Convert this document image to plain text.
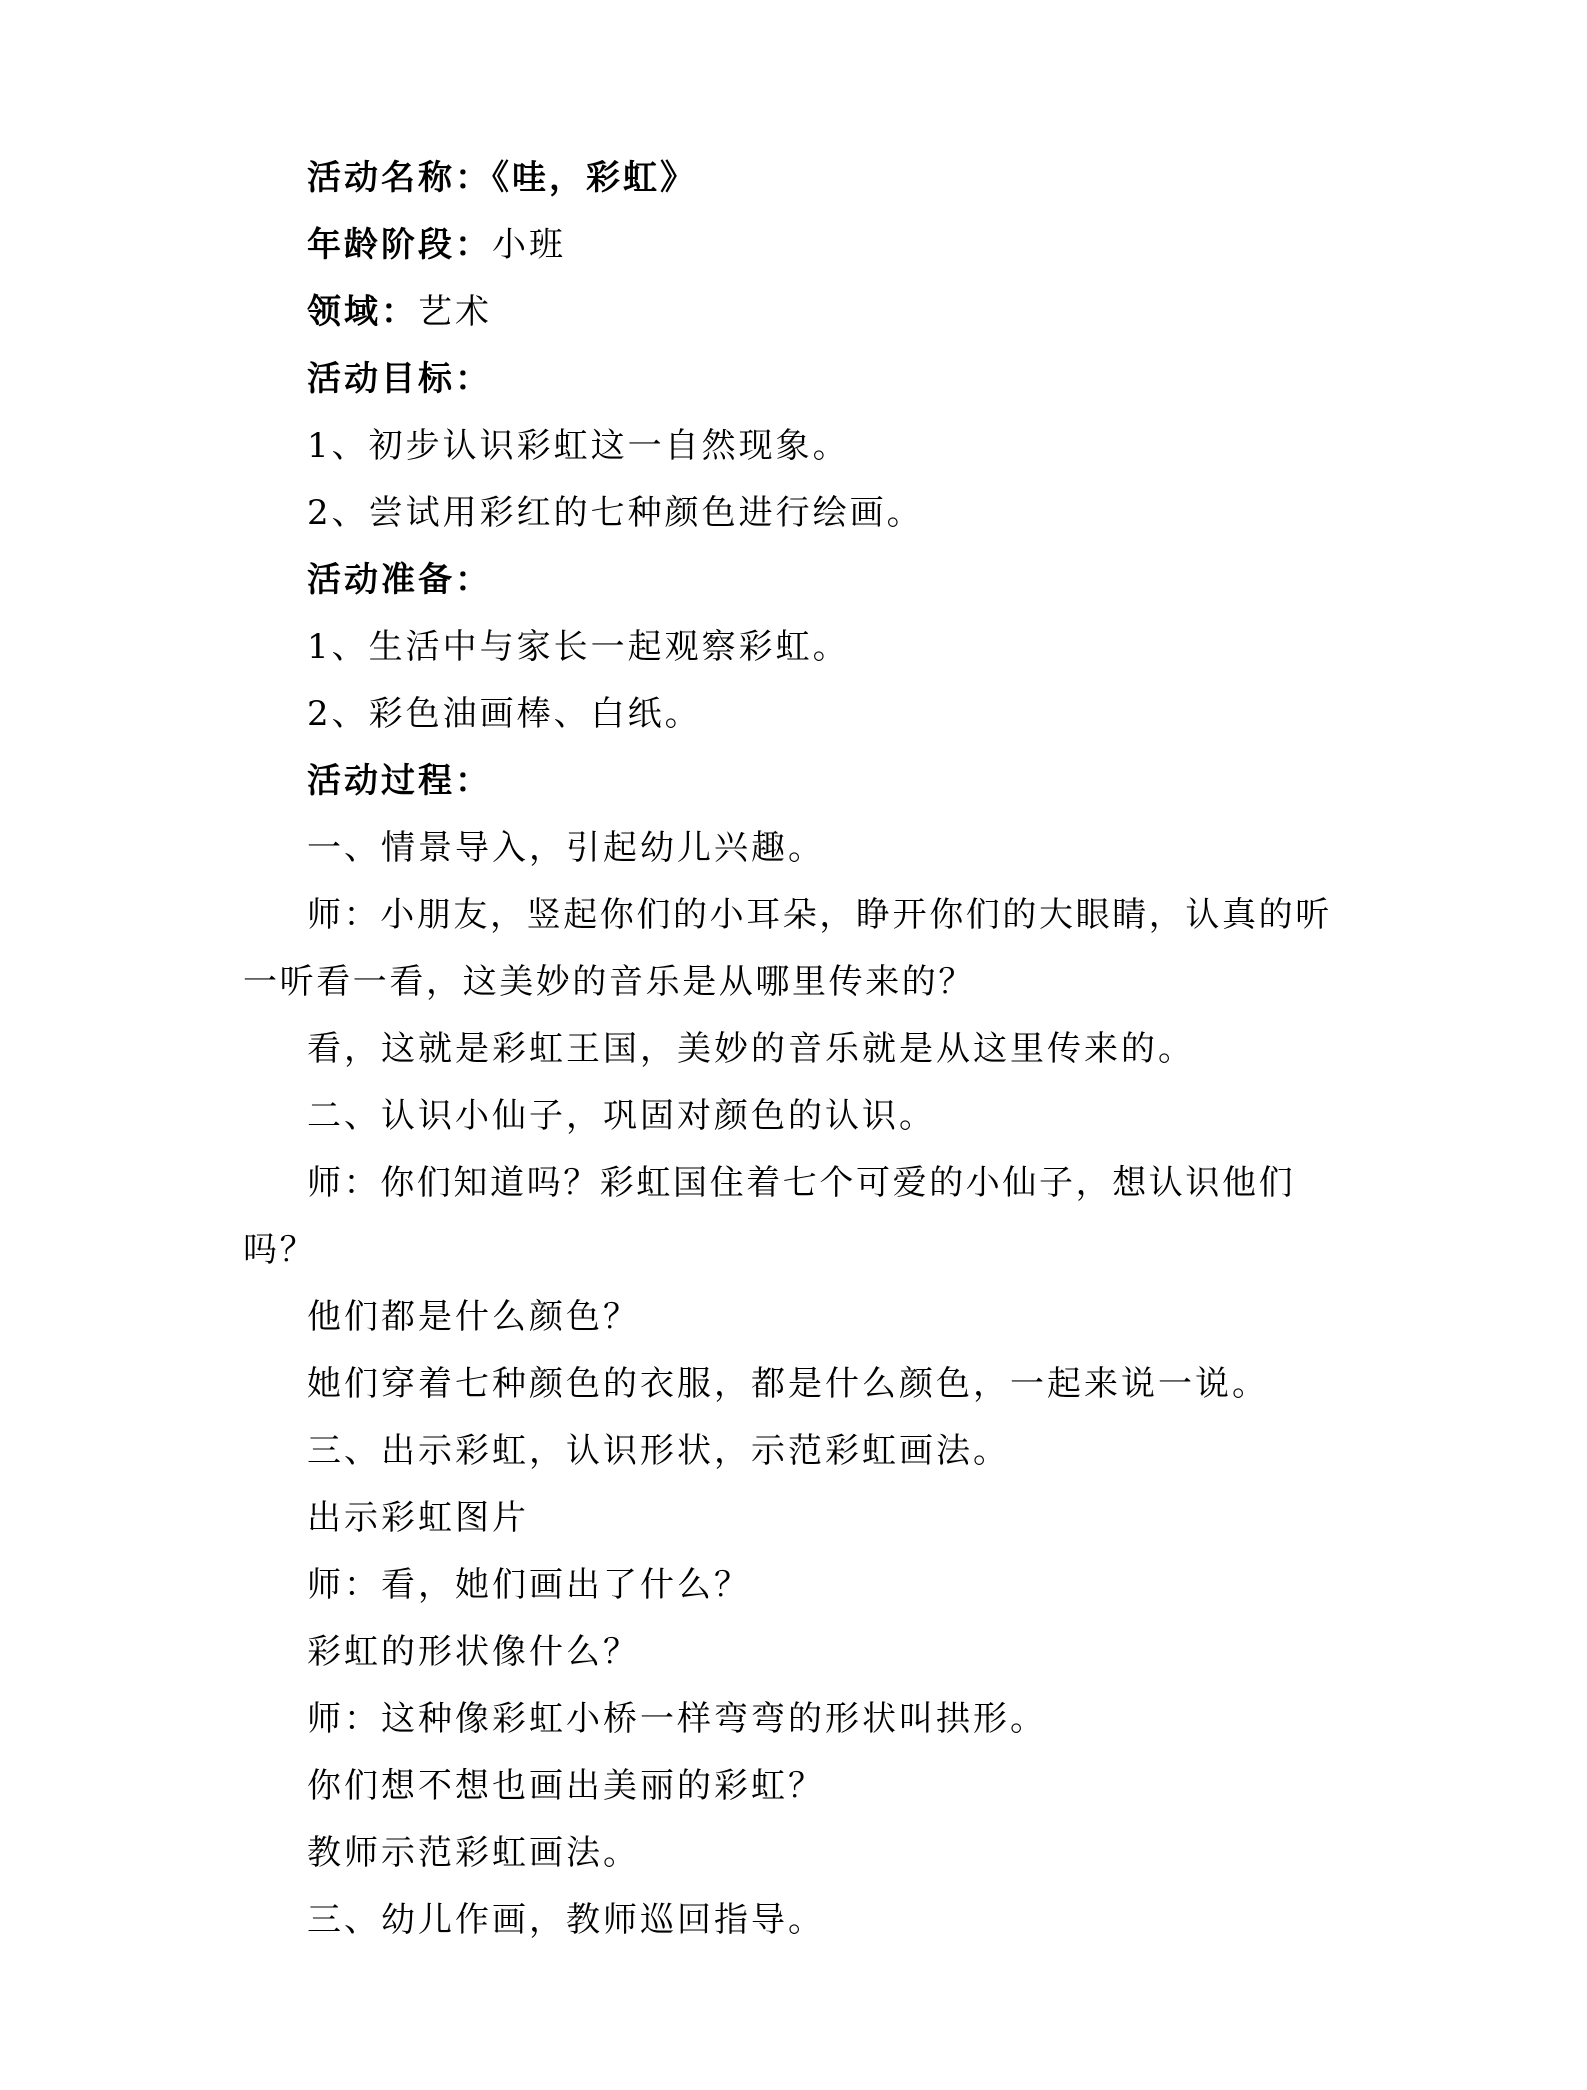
活动名称：《哇，彩虹》

年龄阶段：小班

领域：艺术

活动目标：

1、初步认识彩虹这一自然现象。

2、尝试用彩红的七种颜色进行绘画。

活动准备：

1、生活中与家长一起观察彩虹。

2、彩色油画棒、白纸。

活动过程：

一、情景导入，引起幼儿兴趣。

师：小朋友，竖起你们的小耳朵，睁开你们的大眼睛，认真的听一听看一看，这美妙的音乐是从哪里传来的？

看，这就是彩虹王国，美妙的音乐就是从这里传来的。

二、认识小仙子，巩固对颜色的认识。

师：你们知道吗？彩虹国住着七个可爱的小仙子，想认识他们吗？

他们都是什么颜色？

她们穿着七种颜色的衣服，都是什么颜色，一起来说一说。

三、出示彩虹，认识形状，示范彩虹画法。

出示彩虹图片

师：看，她们画出了什么？

彩虹的形状像什么？

师：这种像彩虹小桥一样弯弯的形状叫拱形。

你们想不想也画出美丽的彩虹？

教师示范彩虹画法。

三、幼儿作画，教师巡回指导。
